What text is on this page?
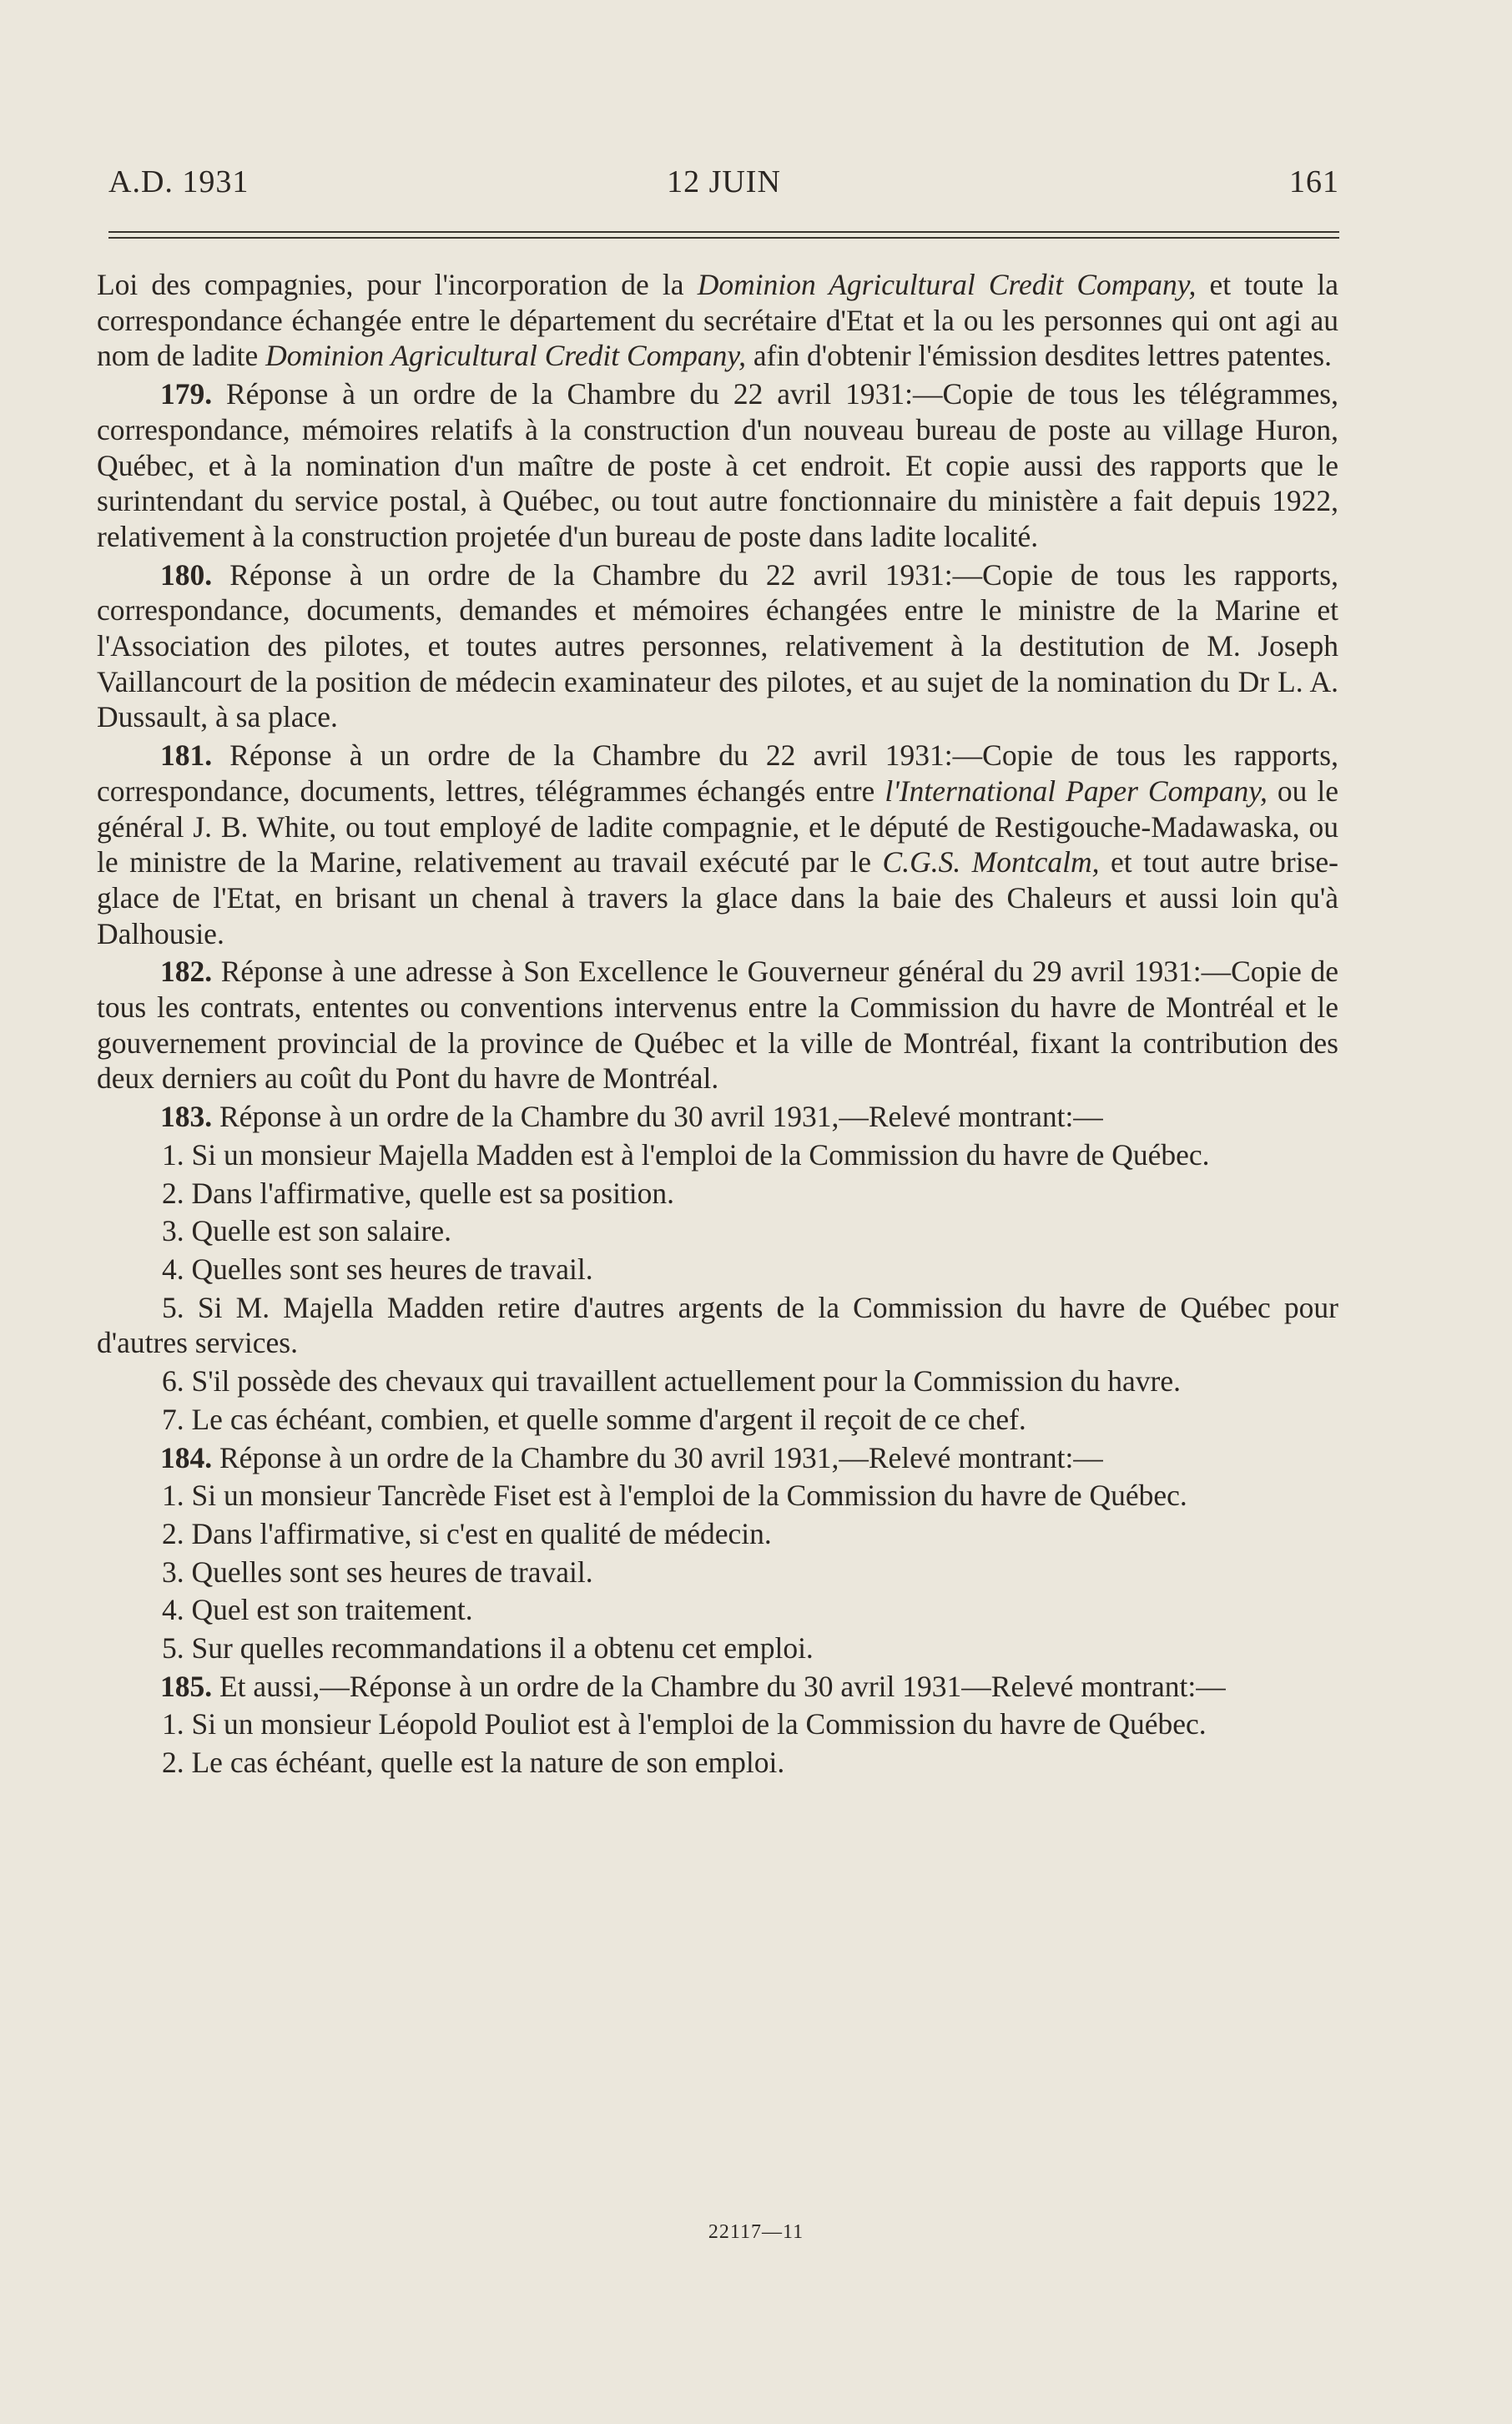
A.D. 1931	12 JUIN	161

Loi des compagnies, pour l'incorporation de la Dominion Agricultural Credit Company, et toute la correspondance échangée entre le département du secrétaire d'Etat et la ou les personnes qui ont agi au nom de ladite Dominion Agricultural Credit Company, afin d'obtenir l'émission desdites lettres patentes.

179. Réponse à un ordre de la Chambre du 22 avril 1931:—Copie de tous les télégrammes, correspondance, mémoires relatifs à la construction d'un nouveau bureau de poste au village Huron, Québec, et à la nomination d'un maître de poste à cet endroit. Et copie aussi des rapports que le surintendant du service postal, à Québec, ou tout autre fonctionnaire du ministère a fait depuis 1922, relativement à la construction projetée d'un bureau de poste dans ladite localité.

180. Réponse à un ordre de la Chambre du 22 avril 1931:—Copie de tous les rapports, correspondance, documents, demandes et mémoires échangées entre le ministre de la Marine et l'Association des pilotes, et toutes autres personnes, relativement à la destitution de M. Joseph Vaillancourt de la position de médecin examinateur des pilotes, et au sujet de la nomination du Dr L. A. Dussault, à sa place.

181. Réponse à un ordre de la Chambre du 22 avril 1931:—Copie de tous les rapports, correspondance, documents, lettres, télégrammes échangés entre l'International Paper Company, ou le général J. B. White, ou tout employé de ladite compagnie, et le député de Restigouche-Madawaska, ou le ministre de la Marine, relativement au travail exécuté par le C.G.S. Montcalm, et tout autre brise-glace de l'Etat, en brisant un chenal à travers la glace dans la baie des Chaleurs et aussi loin qu'à Dalhousie.

182. Réponse à une adresse à Son Excellence le Gouverneur général du 29 avril 1931:—Copie de tous les contrats, ententes ou conventions intervenus entre la Commission du havre de Montréal et le gouvernement provincial de la province de Québec et la ville de Montréal, fixant la contribution des deux derniers au coût du Pont du havre de Montréal.

183. Réponse à un ordre de la Chambre du 30 avril 1931,—Relevé montrant:—

1. Si un monsieur Majella Madden est à l'emploi de la Commission du havre de Québec.

2. Dans l'affirmative, quelle est sa position.

3. Quelle est son salaire.

4. Quelles sont ses heures de travail.

5. Si M. Majella Madden retire d'autres argents de la Commission du havre de Québec pour d'autres services.

6. S'il possède des chevaux qui travaillent actuellement pour la Commission du havre.

7. Le cas échéant, combien, et quelle somme d'argent il reçoit de ce chef.

184. Réponse à un ordre de la Chambre du 30 avril 1931,—Relevé montrant:—

1. Si un monsieur Tancrède Fiset est à l'emploi de la Commission du havre de Québec.

2. Dans l'affirmative, si c'est en qualité de médecin.

3. Quelles sont ses heures de travail.

4. Quel est son traitement.

5. Sur quelles recommandations il a obtenu cet emploi.

185. Et aussi,—Réponse à un ordre de la Chambre du 30 avril 1931—Relevé montrant:—

1. Si un monsieur Léopold Pouliot est à l'emploi de la Commission du havre de Québec.

2. Le cas échéant, quelle est la nature de son emploi.

22117—11
